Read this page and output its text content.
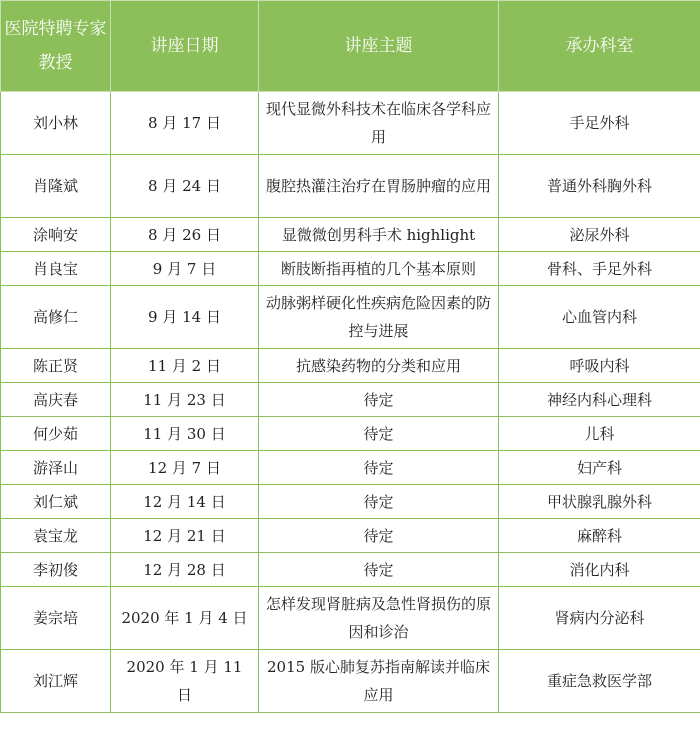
医院特聘专家教授	讲座日期	讲座主题	承办科室
刘小林	8 月 17 日	现代显微外科技术在临床各学科应用	手足外科
肖隆斌	8 月 24 日	腹腔热灌注治疗在胃肠肿瘤的应用	普通外科胸外科
涂响安	8 月 26 日	显微微创男科手术 highlight	泌尿外科
肖良宝	9 月 7 日	断肢断指再植的几个基本原则	骨科、手足外科
高修仁	9 月 14 日	动脉粥样硬化性疾病危险因素的防控与进展	心血管内科
陈正贤	11 月 2 日	抗感染药物的分类和应用	呼吸内科
高庆春	11 月 23 日	待定	神经内科心理科
何少茹	11 月 30 日	待定	儿科
游泽山	12 月 7 日	待定	妇产科
刘仁斌	12 月 14 日	待定	甲状腺乳腺外科
袁宝龙	12 月 21 日	待定	麻醉科
李初俊	12 月 28 日	待定	消化内科
姜宗培	2020 年 1 月 4 日	怎样发现肾脏病及急性肾损伤的原因和诊治	肾病内分泌科
刘江辉	2020 年 1 月 11 日	2015 版心肺复苏指南解读并临床应用	重症急救医学部
